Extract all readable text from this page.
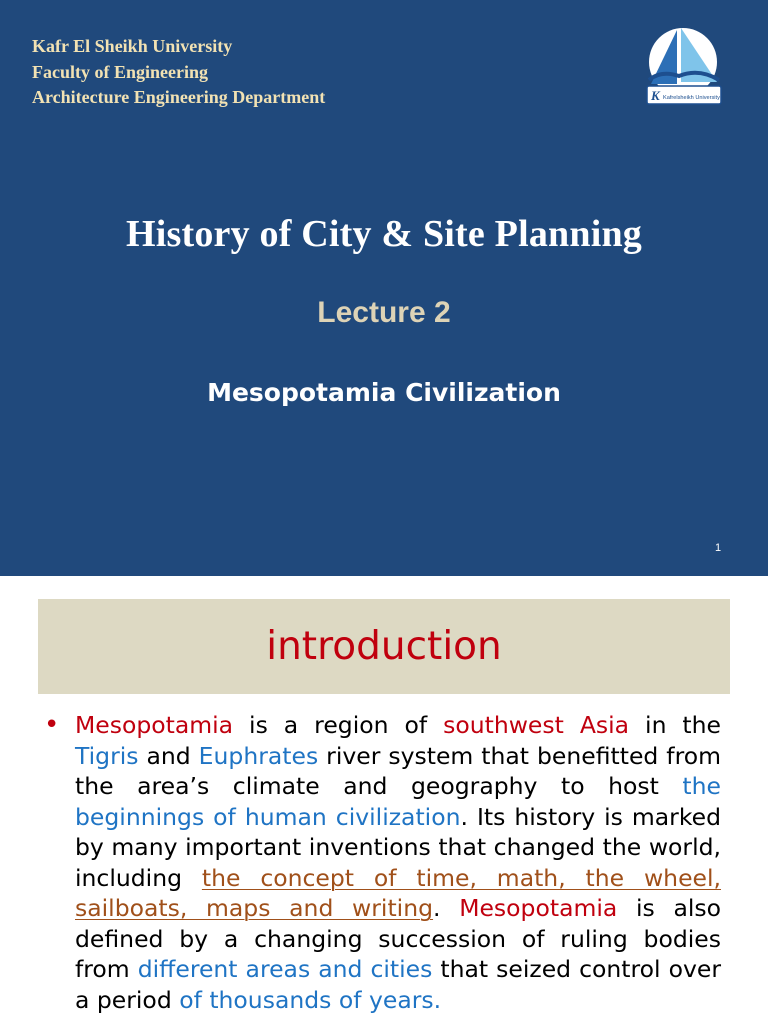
Kafr El Sheikh University
Faculty of Engineering
Architecture Engineering Department	K Kafrelsheikh University
History of City & Site Planning
Lecture 2
Mesopotamia Civilization
1
introduction
• Mesopotamia is a region of southwest Asia in the Tigris and Euphrates river system that benefitted from the area’s climate and geography to host the beginnings of human civilization. Its history is marked by many important inventions that changed the world, including the concept of time, math, the wheel, sailboats, maps and writing. Mesopotamia is also defined by a changing succession of ruling bodies from different areas and cities that seized control over a period of thousands of years.
